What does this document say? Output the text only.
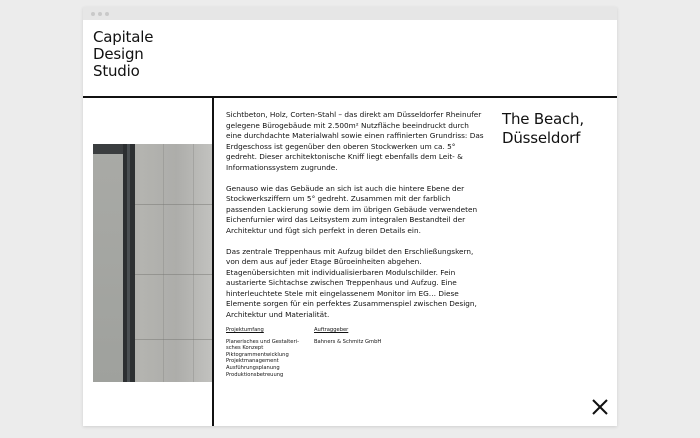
Capitale
Design
Studio

Sichtbeton, Holz, Corten-Stahl – das direkt am Düsseldorfer Rheinufer gelegene Bürogebäude mit 2.500m² Nutzfläche beeindruckt durch eine durchdachte Materialwahl sowie einen raffinierten Grundriss: Das Erdgeschoss ist gegenüber den oberen Stockwerken um ca. 5° gedreht. Dieser architektonische Kniff liegt ebenfalls dem Leit- & Informationssystem zugrunde.

Genauso wie das Gebäude an sich ist auch die hintere Ebene der Stockwerksziffern um 5° gedreht. Zusammen mit der farblich passenden Lackierung sowie dem im übrigen Gebäude verwendeten Eichenfurnier wird das Leitsystem zum integralen Bestandteil der Architektur und fügt sich perfekt in deren Details ein.

Das zentrale Treppenhaus mit Aufzug bildet den Erschließungskern, von dem aus auf jeder Etage Büroeinheiten abgehen. Etagenübersichten mit individualisierbaren Modulschilder. Fein austarierte Sichtachse zwischen Treppenhaus und Aufzug. Eine hinterleuchtete Stele mit eingelassenem Monitor im EG… Diese Elemente sorgen für ein perfektes Zusammenspiel zwischen Design, Architektur und Materialität.

Projektumfang
Planerisches und Gestalteri-
sches Konzept
Piktogrammentwicklung
Projektmanagement
Ausführungsplanung
Produktionsbetreuung
Auftraggeber
Bahners & Schmitz GmbH
The Beach,
Düsseldorf
